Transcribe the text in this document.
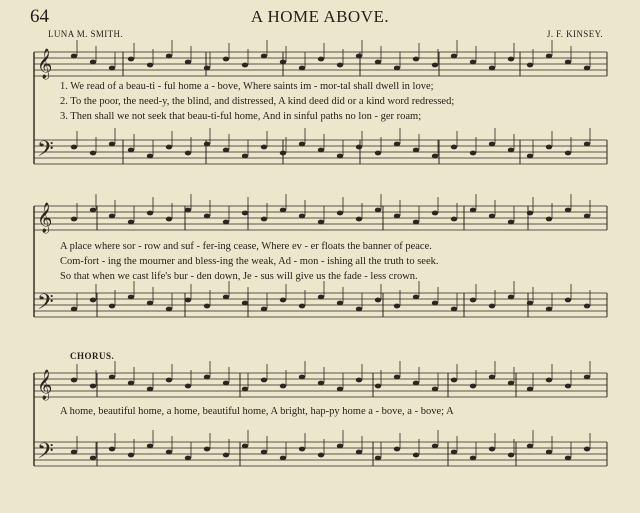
64	A HOME ABOVE.
LUNA M. SMITH.	J. F. KINSEY.
CHORUS.
𝄞
𝄢
𝄞
𝄢
𝄞
𝄢
1. We read of a beau-ti - ful home a - bove, Where saints im - mor-tal shall dwell in love;
2. To the poor, the need-y, the blind, and distressed, A kind deed did or a kind word redressed;
3. Then shall we not seek that beau-ti-ful home, And in sinful paths no lon - ger roam;
A place where sor - row and suf - fer-ing cease, Where ev - er floats the banner of peace.
Com-fort - ing the mourner and bless-ing the weak, Ad - mon - ishing all the truth to seek.
So that when we cast life's bur - den down, Je - sus will give us the fade - less crown.
A home, beautiful home, a home, beautiful home, A bright, hap-py home a - bove, a - bove; A
